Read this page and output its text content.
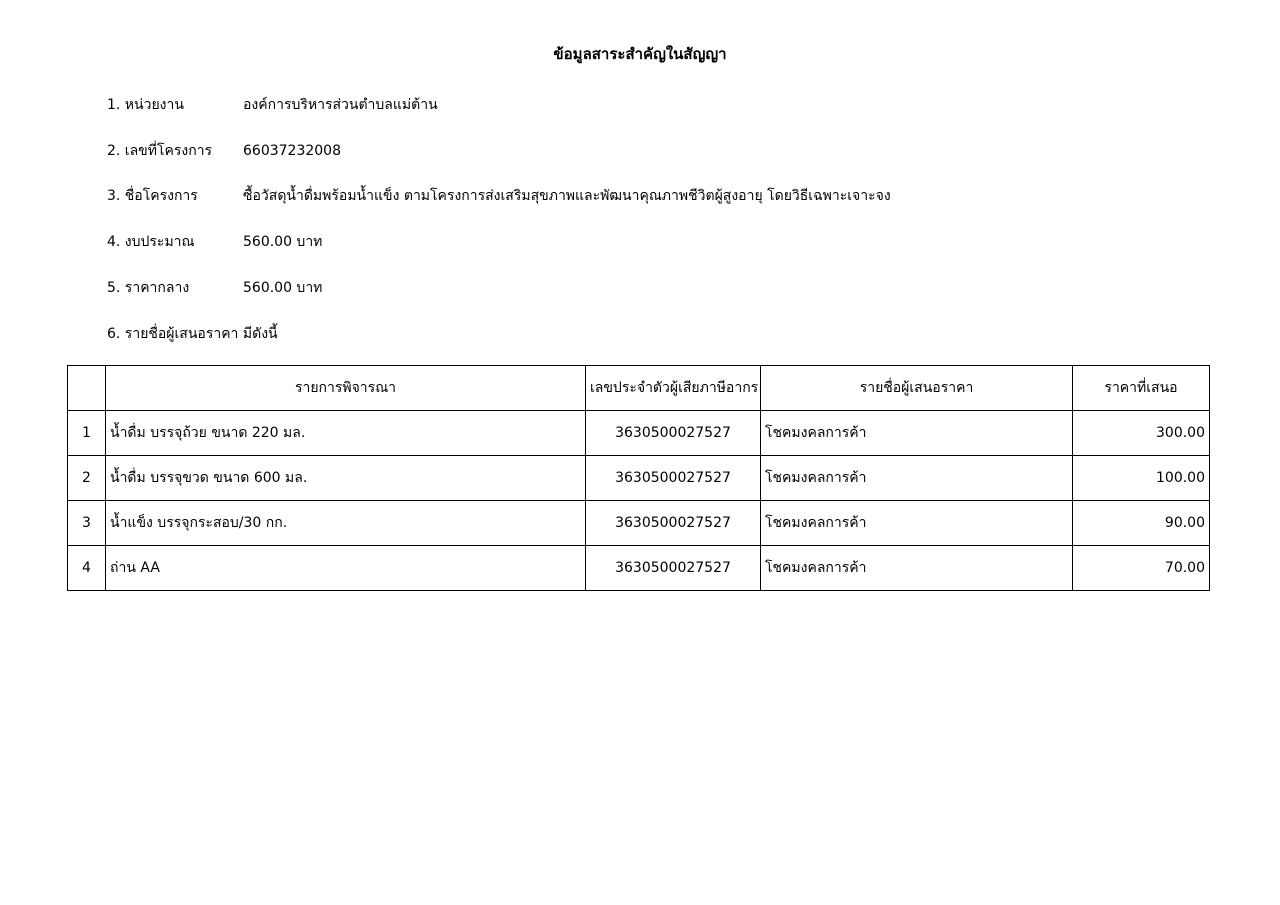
ข้อมูลสาระสำคัญในสัญญา
1. หน่วยงาน	องค์การบริหารส่วนตำบลแม่ต้าน
2. เลขที่โครงการ 66037232008
3. ชื่อโครงการ	ซื้อวัสดุน้ำดื่มพร้อมน้ำแข็ง ตามโครงการส่งเสริมสุขภาพและพัฒนาคุณภาพชีวิตผู้สูงอายุ โดยวิธีเฉพาะเจาะจง
4. งบประมาณ	560.00 บาท
5. ราคากลาง	560.00 บาท
6. รายชื่อผู้เสนอราคา มีดังนี้
	รายการพิจารณา	เลขประจำตัวผู้เสียภาษีอากร	รายชื่อผู้เสนอราคา	ราคาที่เสนอ
1	น้ำดื่ม บรรจุถ้วย ขนาด 220 มล.	3630500027527	โชคมงคลการค้า	300.00
2	น้ำดื่ม บรรจุขวด ขนาด 600 มล.	3630500027527	โชคมงคลการค้า	100.00
3	น้ำแข็ง บรรจุกระสอบ/30 กก.	3630500027527	โชคมงคลการค้า	90.00
4	ถ่าน AA	3630500027527	โชคมงคลการค้า	70.00
